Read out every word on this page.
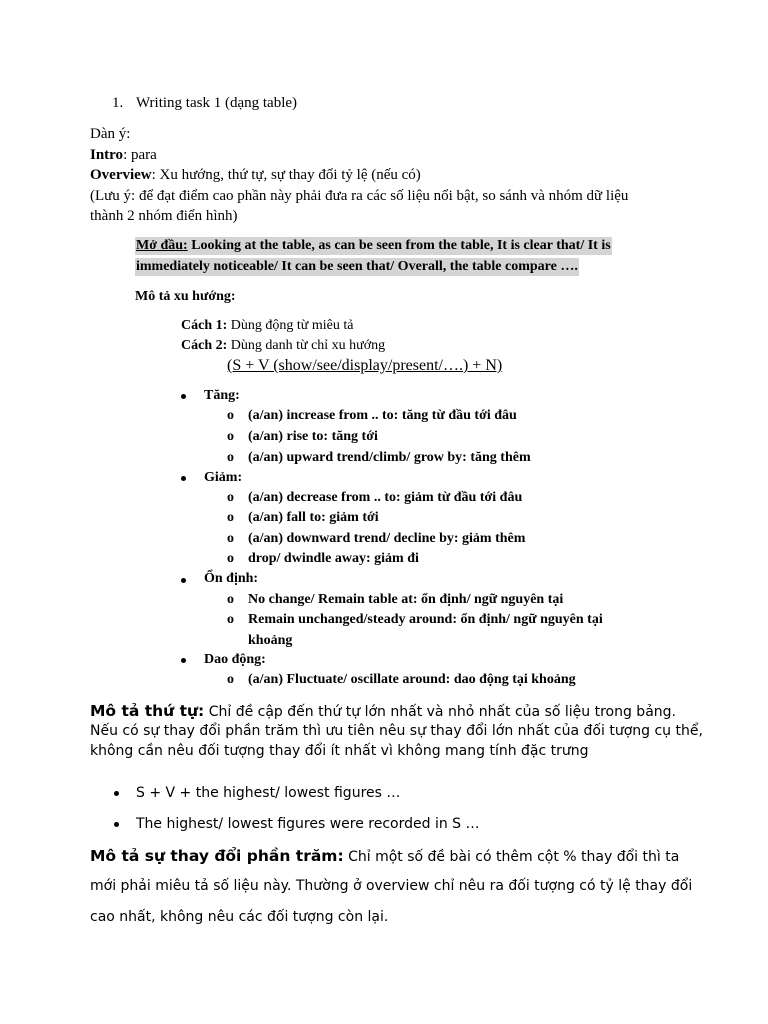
1. Writing task 1 (dạng table)
Dàn ý:
Intro: para
Overview: Xu hướng, thứ tự, sự thay đổi tỷ lệ (nếu có)
(Lưu ý: để đạt điểm cao phần này phải đưa ra các số liệu nổi bật, so sánh và nhóm dữ liệu
thành 2 nhóm điển hình)
Mở đầu: Looking at the table, as can be seen from the table, It is clear that/ It is
immediately noticeable/ It can be seen that/ Overall, the table compare ….
Mô tả xu hướng:
Cách 1: Dùng động từ miêu tả
Cách 2: Dùng danh từ chỉ xu hướng
(S + V (show/see/display/present/….) + N)
Tăng:
o (a/an) increase from .. to: tăng từ đầu tới đâu
o (a/an) rise to: tăng tới
o (a/an) upward trend/climb/ grow by: tăng thêm
Giảm:
o (a/an) decrease from .. to: giảm từ đầu tới đâu
o (a/an) fall to: giảm tới
o (a/an) downward trend/ decline by: giảm thêm
o drop/ dwindle away: giảm đi
Ổn định:
o No change/ Remain table at: ổn định/ ngữ nguyên tại
o Remain unchanged/steady around: ổn định/ ngữ nguyên tại
khoảng
Dao động:
o (a/an) Fluctuate/ oscillate around: dao động tại khoảng
Mô tả thứ tự: Chỉ đề cập đến thứ tự lớn nhất và nhỏ nhất của số liệu trong bảng.
Nếu có sự thay đổi phần trăm thì ưu tiên nêu sự thay đổi lớn nhất của đối tượng cụ thể,
không cần nêu đối tượng thay đổi ít nhất vì không mang tính đặc trưng
S + V + the highest/ lowest figures …
The highest/ lowest figures were recorded in S …
Mô tả sự thay đổi phần trăm: Chỉ một số đề bài có thêm cột % thay đổi thì ta
mới phải miêu tả số liệu này. Thường ở overview chỉ nêu ra đối tượng có tỷ lệ thay đổi
cao nhất, không nêu các đối tượng còn lại.
